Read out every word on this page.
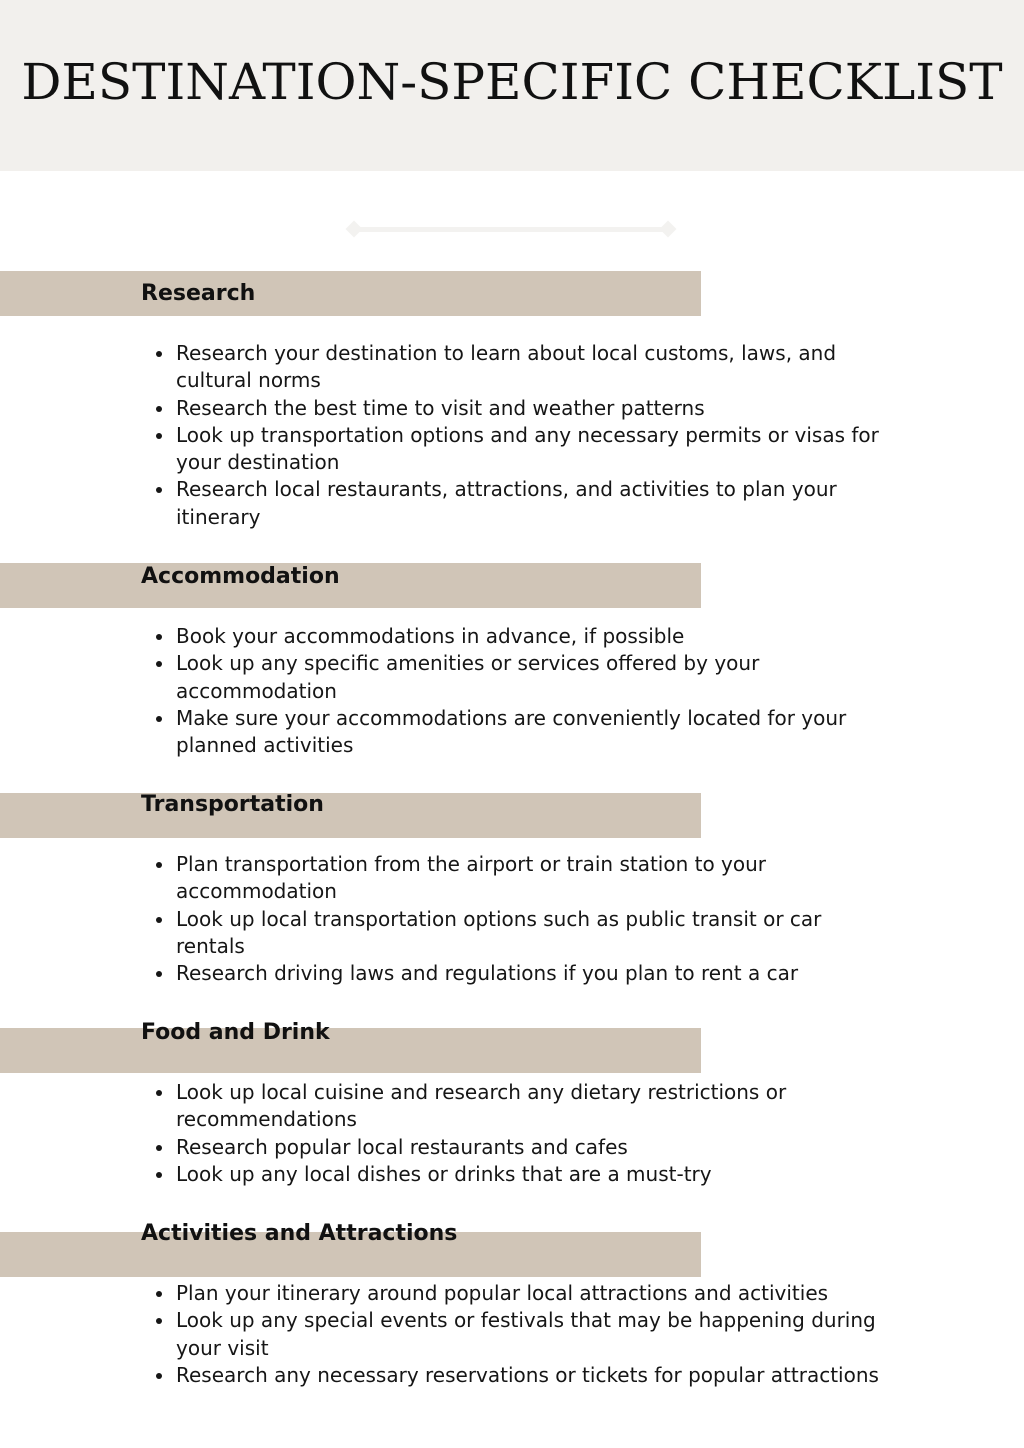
DESTINATION-SPECIFIC CHECKLIST
Research
Research your destination to learn about local customs, laws, and cultural norms
Research the best time to visit and weather patterns
Look up transportation options and any necessary permits or visas for your destination
Research local restaurants, attractions, and activities to plan your itinerary
Accommodation
Book your accommodations in advance, if possible
Look up any specific amenities or services offered by your accommodation
Make sure your accommodations are conveniently located for your planned activities
Transportation
Plan transportation from the airport or train station to your accommodation
Look up local transportation options such as public transit or car rentals
Research driving laws and regulations if you plan to rent a car
Food and Drink
Look up local cuisine and research any dietary restrictions or recommendations
Research popular local restaurants and cafes
Look up any local dishes or drinks that are a must-try
Activities and Attractions
Plan your itinerary around popular local attractions and activities
Look up any special events or festivals that may be happening during your visit
Research any necessary reservations or tickets for popular attractions
